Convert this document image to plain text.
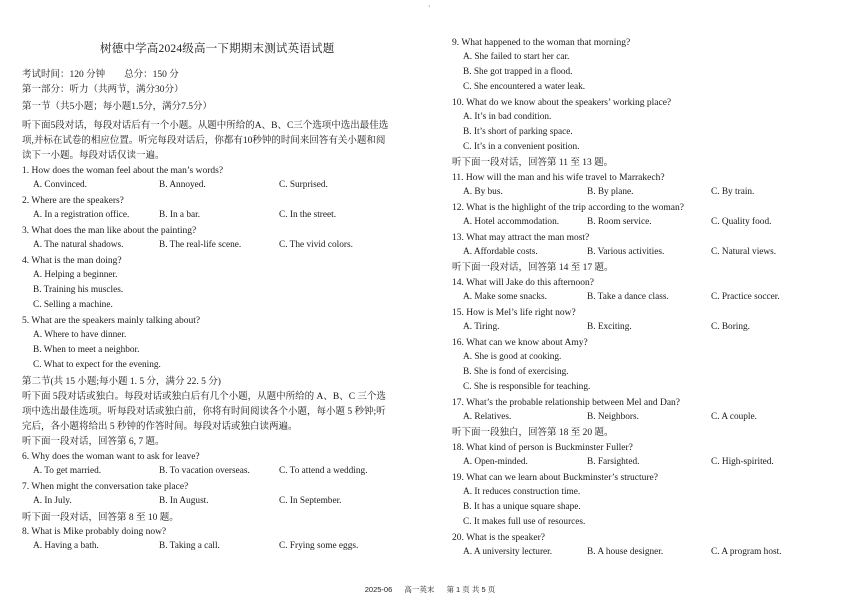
·
树德中学高2024级高一下期期末测试英语试题
考试时间：120 分钟　　总分：150 分
第一部分：听力（共两节，满分30分）
第一节（共5小题；每小题1.5分，满分7.5分）
听下面5段对话，每段对话后有一个小题。从题中所给的A、B、C三个选项中选出最佳选
项,并标在试卷的相应位置。听完每段对话后，你都有10秒钟的时间来回答有关小题和阅
读下一小题。每段对话仅读一遍。
第二节(共 15 小题;每小题 1. 5 分，满分 22. 5 分)
听下面 5段对话或独白。每段对话或独白后有几个小题，从题中所给的 A、B、C 三个选
项中选出最佳选项。听每段对话或独白前，你将有时间阅读各个小题，每小题 5 秒钟;听
完后，各小题将给出 5 秒钟的作答时间。每段对话或独白读两遍。
听下面一段对话，回答第 6, 7 题。
听下面一段对话，回答第 8 至 10 题。
1. How does the woman feel about the man’s words?
A. Convinced.	B. Annoyed.	C. Surprised.
2. Where are the speakers?
A. In a registration office.	B. In a bar.	C. In the street.
3. What does the man like about the painting?
A. The natural shadows.	B. The real-life scene.	C. The vivid colors.
4. What is the man doing?
A. Helping a beginner.
B. Training his muscles.
C. Selling a machine.
5. What are the speakers mainly talking about?
A. Where to have dinner.
B. When to meet a neighbor.
C. What to expect for the evening.
6. Why does the woman want to ask for leave?
A. To get married.	B. To vacation overseas.	C. To attend a wedding.
7. When might the conversation take place?
A. In July.	B. In August.	C. In September.
8. What is Mike probably doing now?
A. Having a bath.	B. Taking a call.	C. Frying some eggs.
听下面一段对话，回答第 11 至 13 题。
听下面一段对话，回答第 14 至 17 题。
听下面一段独白，回答第 18 至 20 题。
9. What happened to the woman that morning?
A. She failed to start her car.
B. She got trapped in a flood.
C. She encountered a water leak.
10. What do we know about the speakers’ working place?
A. It’s in bad condition.
B. It’s short of parking space.
C. It’s in a convenient position.
11. How will the man and his wife travel to Marrakech?
A. By bus.	B. By plane.	C. By train.
12. What is the highlight of the trip according to the woman?
A. Hotel accommodation.	B. Room service.	C. Quality food.
13. What may attract the man most?
A. Affordable costs.	B. Various activities.	C. Natural views.
14. What will Jake do this afternoon?
A. Make some snacks.	B. Take a dance class.	C. Practice soccer.
15. How is Mel’s life right now?
A. Tiring.	B. Exciting.	C. Boring.
16. What can we know about Amy?
A. She is good at cooking.
B. She is fond of exercising.
C. She is responsible for teaching.
17. What’s the probable relationship between Mel and Dan?
A. Relatives.	B. Neighbors.	C. A couple.
18. What kind of person is Buckminster Fuller?
A. Open-minded.	B. Farsighted.	C. High-spirited.
19. What can we learn about Buckminster’s structure?
A. It reduces construction time.
B. It has a unique square shape.
C. It makes full use of resources.
20. What is the speaker?
A. A university lecturer.	B. A house designer.	C. A program host.
2025-06 高一英末 第 1 页 共 5 页
